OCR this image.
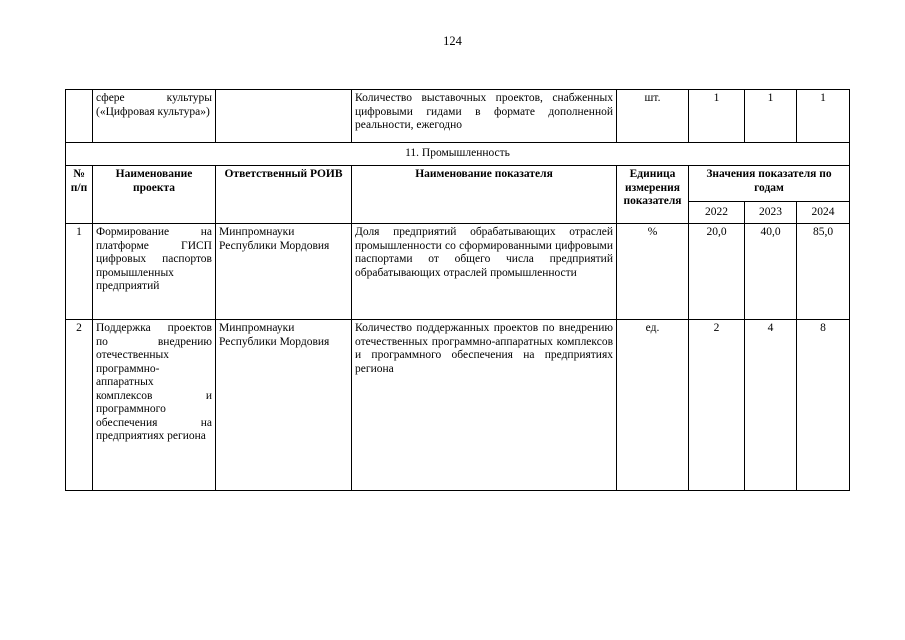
124
	сфере культуры («Цифровая культура»)		Количество выставочных проектов, снабженных цифровыми гидами в формате дополненной реальности, ежегодно	шт.	1	1	1
11. Промышленность							
№ п/п	Наименование проекта	Ответственный РОИВ	Наименование показателя	Единица измерения показателя	Значения показателя по годам		
					2022	2023	2024
1	Формирование на платформе ГИСП цифровых паспортов промышленных предприятий	Минпромнауки Республики Мордовия	Доля предприятий обрабатывающих отраслей промышленности со сформированными цифровыми паспортами от общего числа предприятий обрабатывающих отраслей промышленности	%	20,0	40,0	85,0
2	Поддержка проектов по внедрению отечественных программно-аппаратных комплексов и программного обеспечения на предприятиях региона	Минпромнауки Республики Мордовия	Количество поддержанных проектов по внедрению отечественных программно-аппаратных комплексов и программного обеспечения на предприятиях региона	ед.	2	4	8
